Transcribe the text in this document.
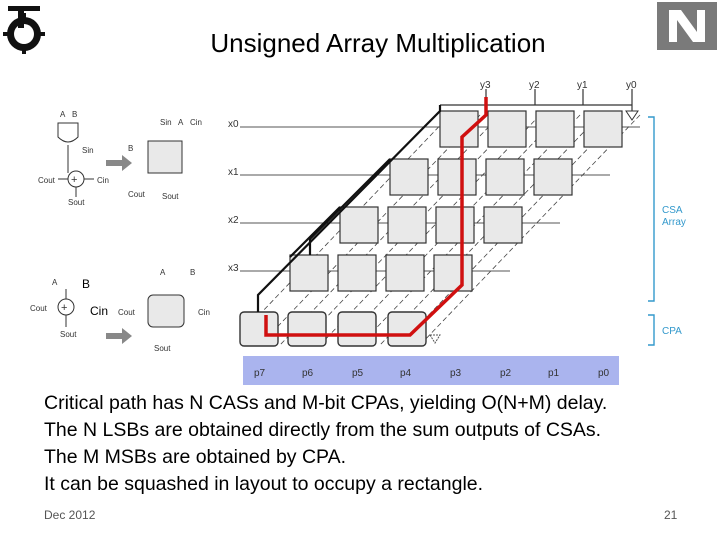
Unsigned Array Multiplication
y3	y2	y1	y0
x0
x1
x2
x3
p7	p6	p5	p4	p3	p2	p1	p0
CSA
Array
CPA
A B
Sin
+
Cout	Cin
Sout
Sin A Cin
B
Cout Sout
A
+
Cout
Sout
A	B
Cout	Cin
Sout
B
Cin
Critical path has N CASs and M-bit CPAs, yielding O(N+M) delay.
The N LSBs are obtained directly from the sum outputs of CSAs.
The M MSBs are obtained by CPA.
It can be squashed in layout to occupy a rectangle.
Dec 2012	21
